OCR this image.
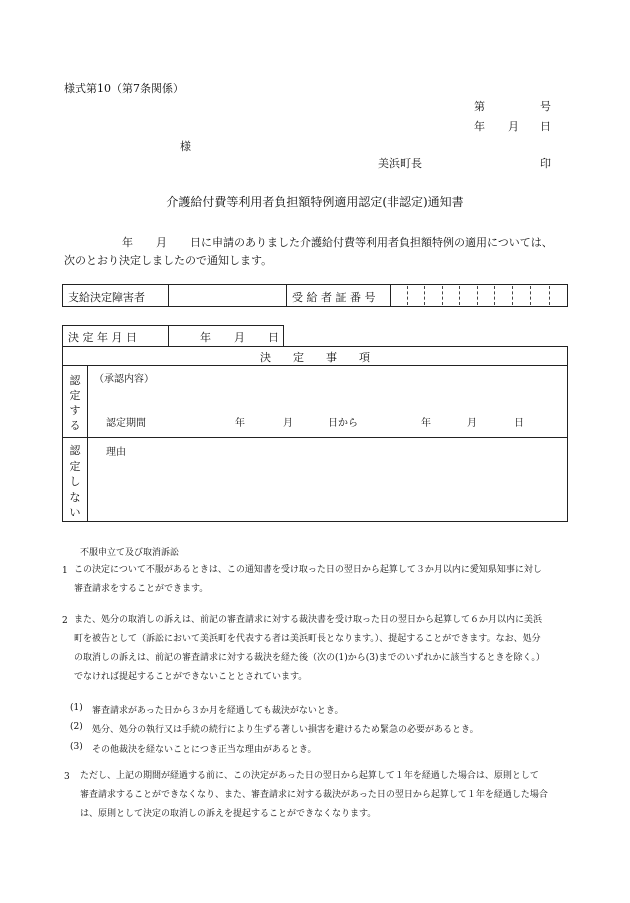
様式第10（第7条関係）
第	号
年 月 日
様
美浜町長	印
介護給付費等利用者負担額特例適用認定(非認定)通知書
年 月 日に申請のありました介護給付費等利用者負担額特例の適用については、
次のとおり決定しましたので通知します。
支給決定障害者	受 給 者 証 番 号
決 定 年 月 日	年 月 日
決　　定　　事　　項
認
定
す
る
（承認内容）
認定期間	年	月	日から	年	月	日
認
定
し
な
い
理由
不服申立て及び取消訴訟
1 この決定について不服があるときは、この通知書を受け取った日の翌日から起算して３か月以内に愛知県知事に対し
審査請求をすることができます。
2 また、処分の取消しの訴えは、前記の審査請求に対する裁決書を受け取った日の翌日から起算して６か月以内に美浜
町を被告として（訴訟において美浜町を代表する者は美浜町長となります。）、提起することができます。なお、処分
の取消しの訴えは、前記の審査請求に対する裁決を経た後（次の(1)から(3)までのいずれかに該当するときを除く。）
でなければ提起することができないこととされています。
(1) 審査請求があった日から３か月を経過しても裁決がないとき。
(2) 処分、処分の執行又は手続の続行により生ずる著しい損害を避けるため緊急の必要があるとき。
(3) その他裁決を経ないことにつき正当な理由があるとき。
3 ただし、上記の期間が経過する前に、この決定があった日の翌日から起算して１年を経過した場合は、原則として
審査請求することができなくなり、また、審査請求に対する裁決があった日の翌日から起算して１年を経過した場合
は、原則として決定の取消しの訴えを提起することができなくなります。
